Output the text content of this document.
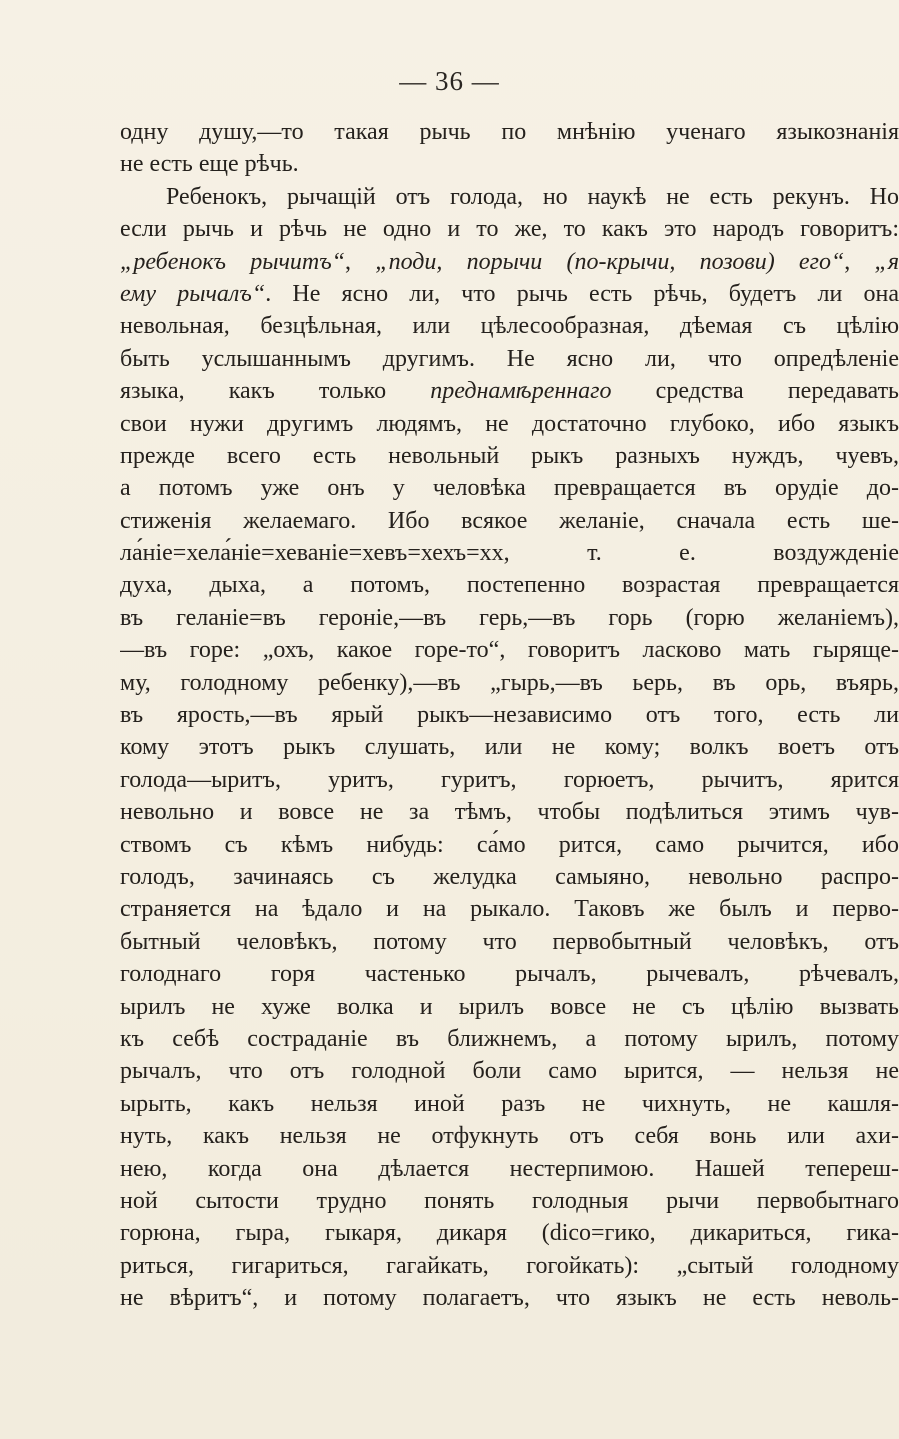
— 36 —
одну душу,—то такая рычь по мнѣнію ученаго языкознанія
не есть еще рѣчь.
Ребенокъ, рычащій отъ голода, но наукѣ не есть рекунъ. Но
если рычь и рѣчь не одно и то же, то какъ это народъ говоритъ:
„ребенокъ рычитъ“, „поди, порычи (по-крычи, позови) его“, „я
ему рычалъ“. Не ясно ли, что рычь есть рѣчь, будетъ ли она
невольная, безцѣльная, или цѣлесообразная, дѣемая съ цѣлію
быть услышаннымъ другимъ. Не ясно ли, что опредѣленіе
языка, какъ только преднамѣреннаго средства передавать
свои нужи другимъ людямъ, не достаточно глубоко, ибо языкъ
прежде всего есть невольный рыкъ разныхъ нуждъ, чуевъ,
а потомъ уже онъ у человѣка превращается въ орудіе до-
стиженія желаемаго. Ибо всякое желаніе, сначала есть ше-
ла́ніе=хела́ніе=хеваніе=хевъ=хехъ=хх, т. е. воздужденіе
духа, дыха, а потомъ, постепенно возрастая превращается
въ геланіе=въ героніе,—въ герь,—въ горь (горю желаніемъ),
—въ горе: „охъ, какое горе-то“, говоритъ ласково мать гыряще-
му, голодному ребенку),—въ „гырь,—въ ьерь, въ орь, въярь,
въ ярость,—въ ярый рыкъ—независимо отъ того, есть ли
кому этотъ рыкъ слушать, или не кому; волкъ воетъ отъ
голода—ыритъ, уритъ, гуритъ, горюетъ, рычитъ, ярится
невольно и вовсе не за тѣмъ, чтобы подѣлиться этимъ чув-
ствомъ съ кѣмъ нибудь: са́мо рится, само рычится, ибо
голодъ, зачинаясь съ желудка самыяно, невольно распро-
страняется на ѣдало и на рыкало. Таковъ же былъ и перво-
бытный человѣкъ, потому что первобытный человѣкъ, отъ
голоднаго горя частенько рычалъ, рычевалъ, рѣчевалъ,
ырилъ не хуже волка и ырилъ вовсе не съ цѣлію вызвать
къ себѣ состраданіе въ ближнемъ, а потому ырилъ, потому
рычалъ, что отъ голодной боли само ырится, — нельзя не
ырыть, какъ нельзя иной разъ не чихнуть, не кашля-
нуть, какъ нельзя не отфукнуть отъ себя вонь или ахи-
нею, когда она дѣлается нестерпимою. Нашей теперeш-
ной сытости трудно понять голодныя рычи первобытнаго
горюна, гыра, гыкаря, дикаря (dico=гико, дикариться, гика-
риться, гигариться, гагайкать, гогойкать): „сытый голодному
не вѣритъ“, и потому полагаетъ, что языкъ не есть неволь-
